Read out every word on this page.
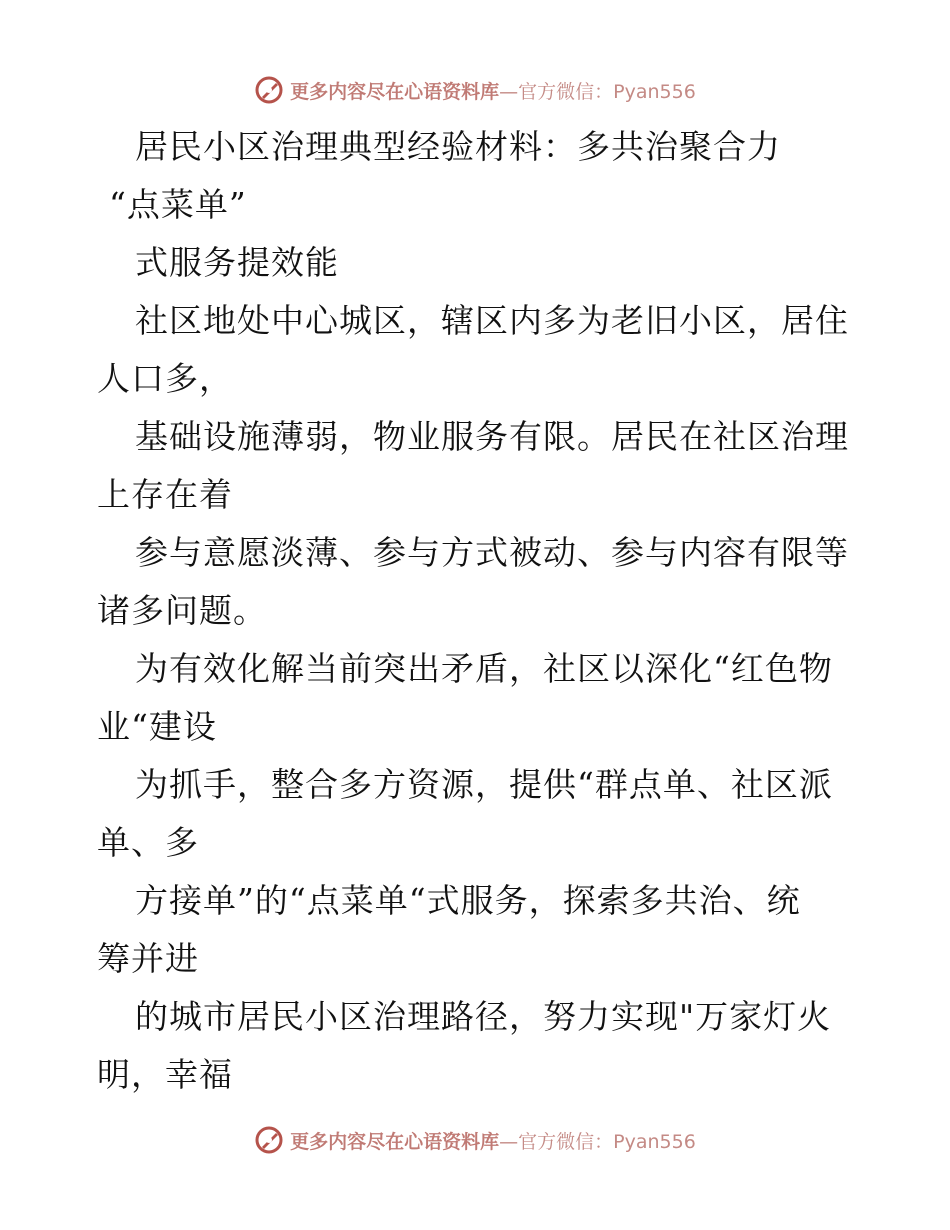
更多内容尽在心语资料库—官方微信：Pyan556
居民小区治理典型经验材料：多共治聚合力
“点菜单”
式服务提效能
社区地处中心城区，辖区内多为老旧小区，居住
人口多，
基础设施薄弱，物业服务有限。居民在社区治理
上存在着
参与意愿淡薄、参与方式被动、参与内容有限等
诸多问题。
为有效化解当前突出矛盾，社区以深化“红色物
业“建设
为抓手，整合多方资源，提供“群点单、社区派
单、多
方接单”的“点菜单“式服务，探索多共治、统
筹并进
的城市居民小区治理路径，努力实现"万家灯火
明，幸福
更多内容尽在心语资料库—官方微信：Pyan556
